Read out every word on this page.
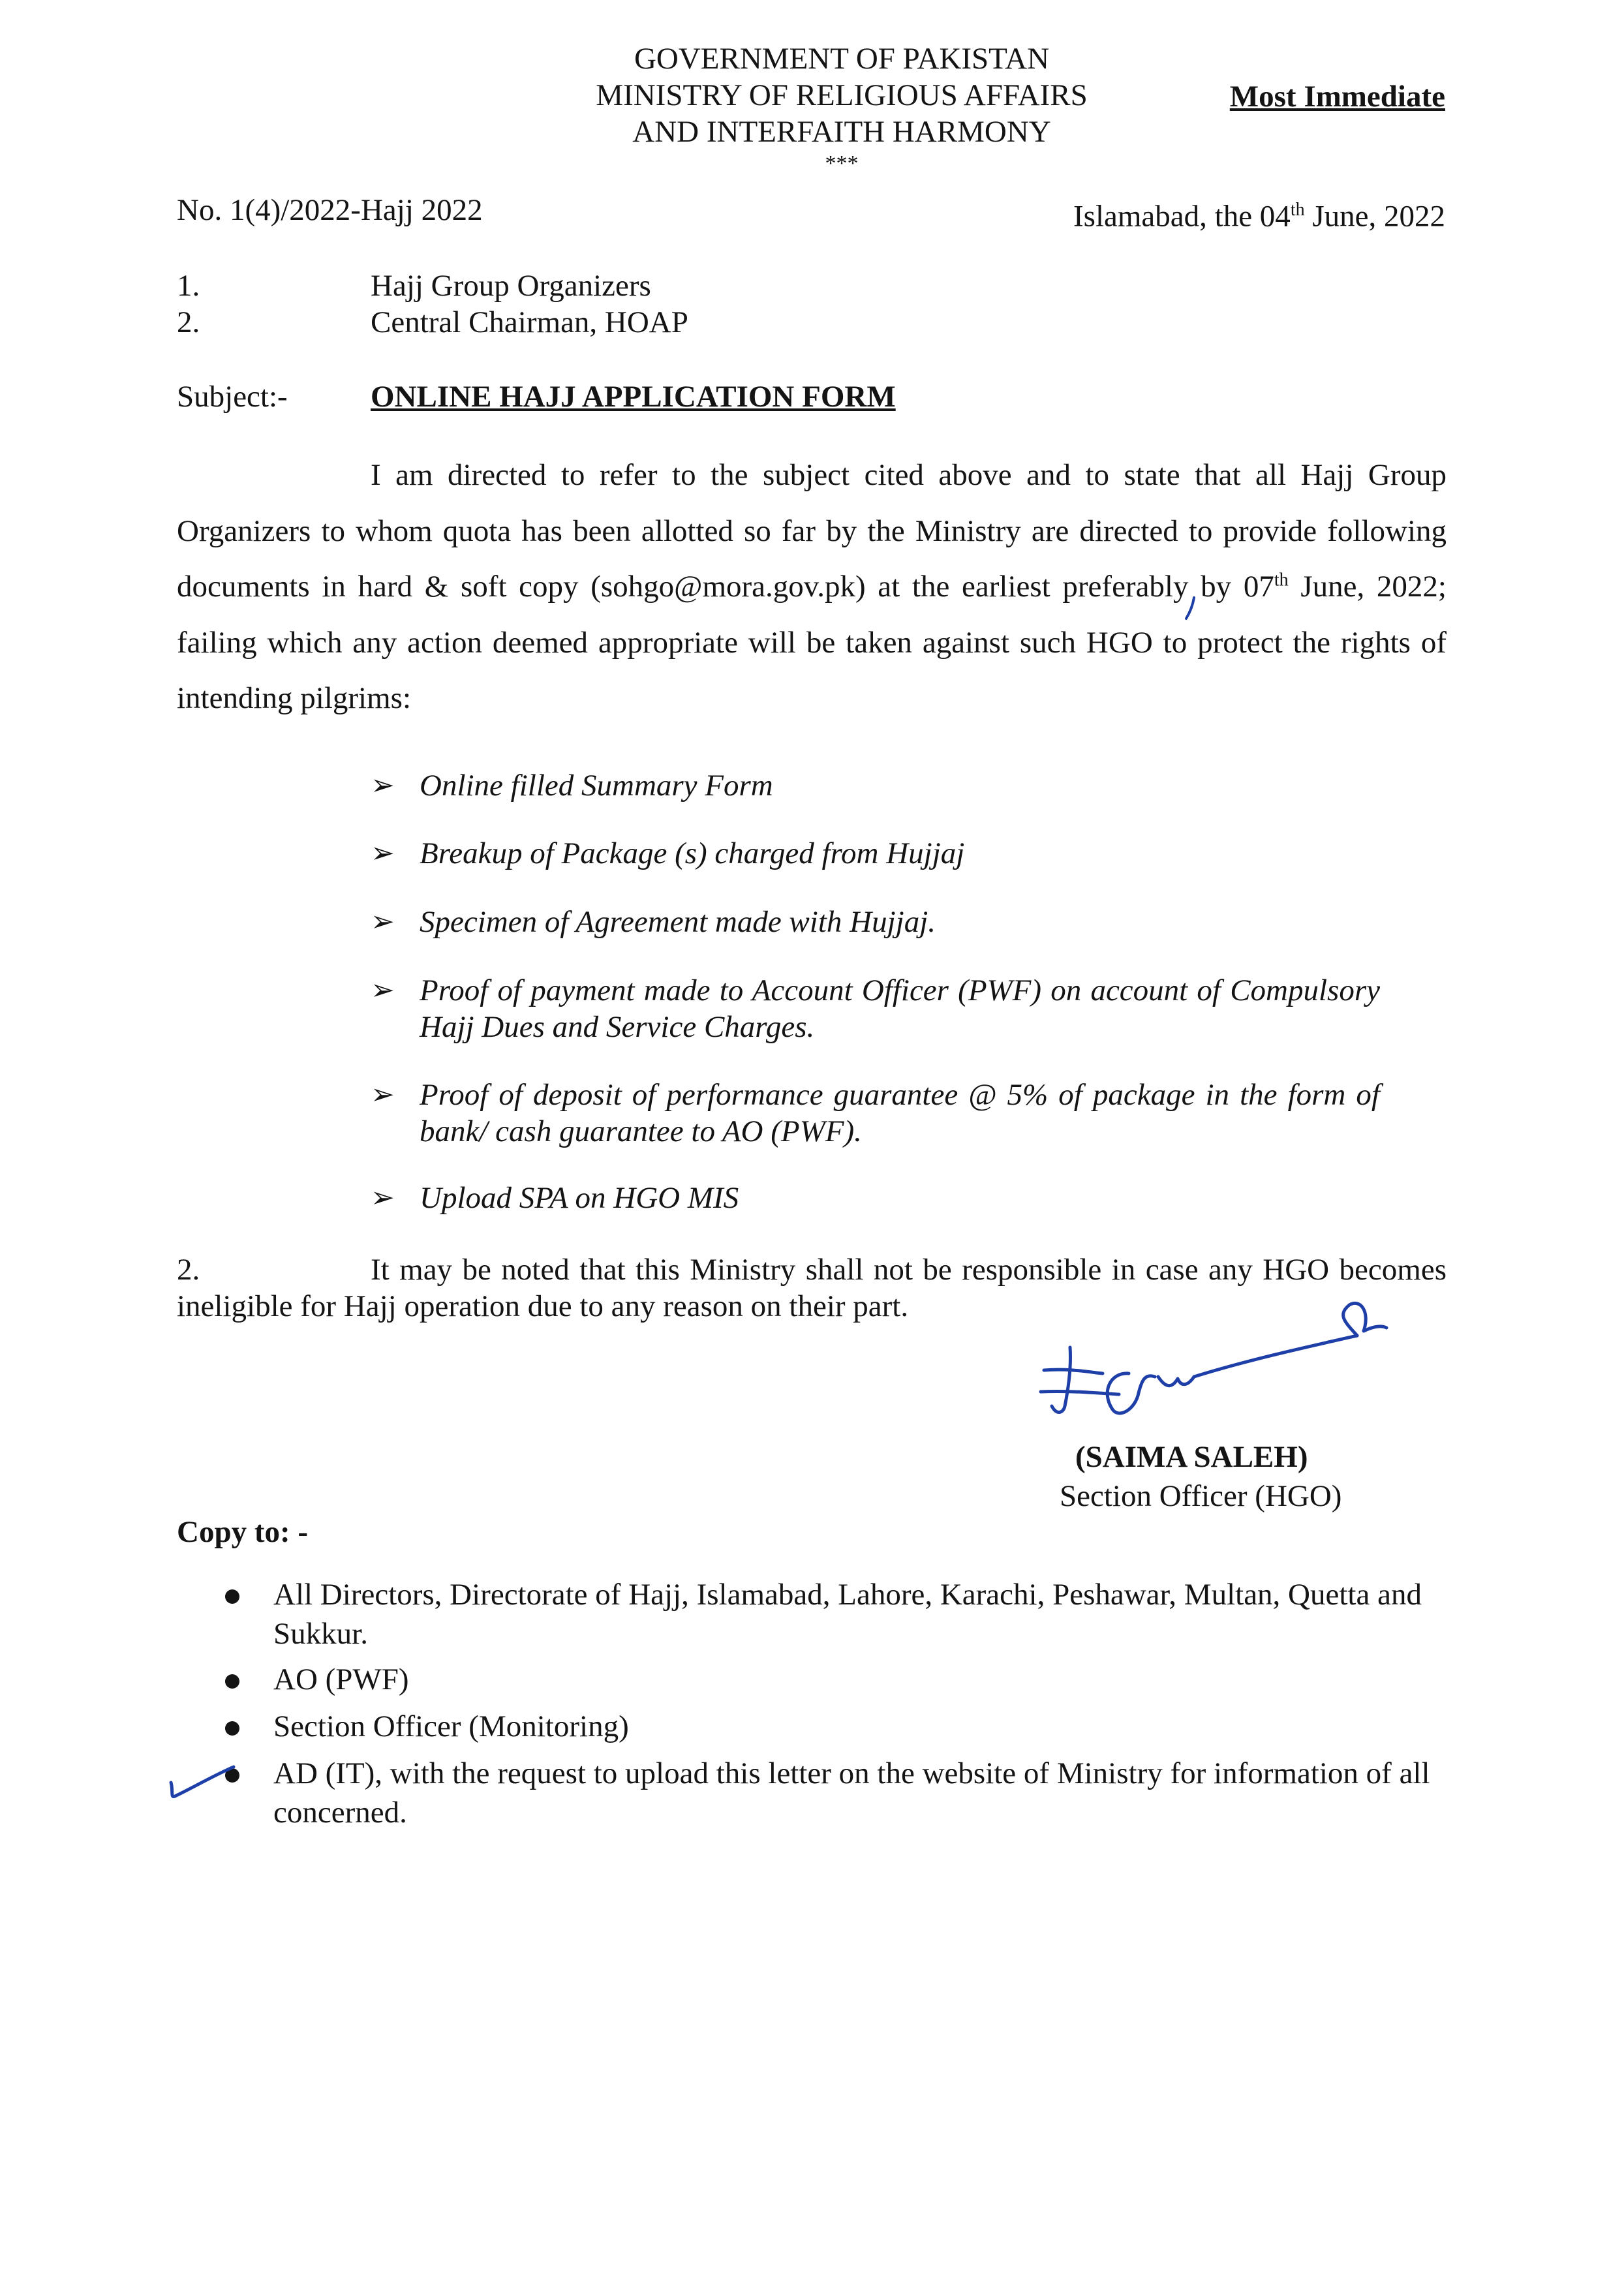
GOVERNMENT OF PAKISTAN
MINISTRY OF RELIGIOUS AFFAIRS
AND INTERFAITH HARMONY
***
Most Immediate
No. 1(4)/2022-Hajj 2022	Islamabad, the 04th June, 2022
1.	Hajj Group Organizers
2.	Central Chairman, HOAP
Subject:-	ONLINE HAJJ APPLICATION FORM
I am directed to refer to the subject cited above and to state that all Hajj Group Organizers to whom quota has been allotted so far by the Ministry are directed to provide following documents in hard & soft copy (sohgo@mora.gov.pk) at the earliest preferably by 07th June, 2022; failing which any action deemed appropriate will be taken against such HGO to protect the rights of intending pilgrims:
➢ Online filled Summary Form
➢ Breakup of Package (s) charged from Hujjaj
➢ Specimen of Agreement made with Hujjaj.
➢ Proof of payment made to Account Officer (PWF) on account of Compulsory Hajj Dues and Service Charges.
➢ Proof of deposit of performance guarantee @ 5% of package in the form of bank/ cash guarantee to AO (PWF).
➢ Upload SPA on HGO MIS
2.	It may be noted that this Ministry shall not be responsible in case any HGO becomes ineligible for Hajj operation due to any reason on their part.
(SAIMA SALEH)
Section Officer (HGO)
Copy to: -
All Directors, Directorate of Hajj, Islamabad, Lahore, Karachi, Peshawar, Multan, Quetta and Sukkur.
AO (PWF)
Section Officer (Monitoring)
AD (IT), with the request to upload this letter on the website of Ministry for information of all concerned.
